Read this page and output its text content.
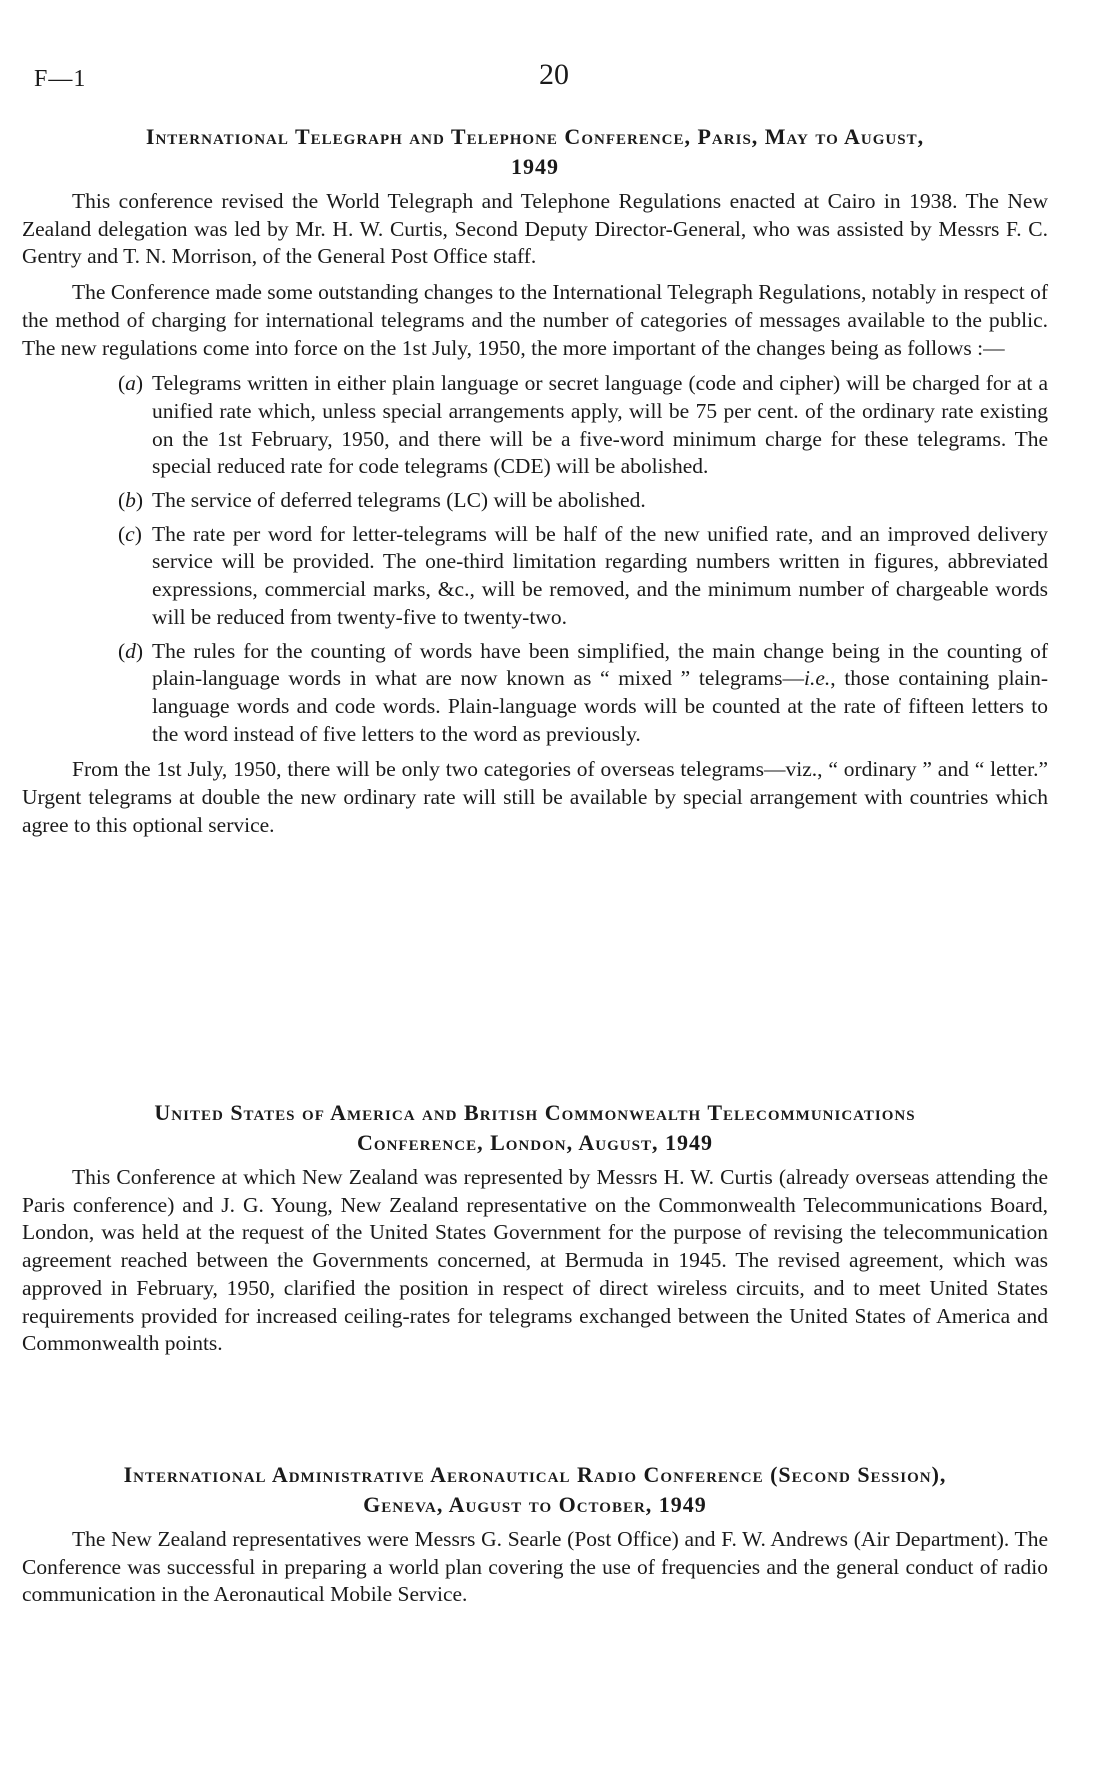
F—1	20
International Telegraph and Telephone Conference, Paris, May to August,
1949

This conference revised the World Telegraph and Telephone Regulations enacted at Cairo in 1938. The New Zealand delegation was led by Mr. H. W. Curtis, Second Deputy Director-General, who was assisted by Messrs F. C. Gentry and T. N. Morrison, of the General Post Office staff.

The Conference made some outstanding changes to the International Telegraph Regulations, notably in respect of the method of charging for international telegrams and the number of categories of messages available to the public. The new regulations come into force on the 1st July, 1950, the more important of the changes being as follows :—

(a) Telegrams written in either plain language or secret language (code and cipher) will be charged for at a unified rate which, unless special arrangements apply, will be 75 per cent. of the ordinary rate existing on the 1st February, 1950, and there will be a five-word minimum charge for these telegrams. The special reduced rate for code telegrams (CDE) will be abolished.
(b) The service of deferred telegrams (LC) will be abolished.
(c) The rate per word for letter-telegrams will be half of the new unified rate, and an improved delivery service will be provided. The one-third limitation regarding numbers written in figures, abbreviated expressions, commercial marks, &c., will be removed, and the minimum number of chargeable words will be reduced from twenty-five to twenty-two.
(d) The rules for the counting of words have been simplified, the main change being in the counting of plain-language words in what are now known as “ mixed ” telegrams—i.e., those containing plain-language words and code words. Plain-language words will be counted at the rate of fifteen letters to the word instead of five letters to the word as previously.

From the 1st July, 1950, there will be only two categories of overseas telegrams—viz., “ ordinary ” and “ letter.” Urgent telegrams at double the new ordinary rate will still be available by special arrangement with countries which agree to this optional service.

United States of America and British Commonwealth Telecommunications
Conference, London, August, 1949

This Conference at which New Zealand was represented by Messrs H. W. Curtis (already overseas attending the Paris conference) and J. G. Young, New Zealand representative on the Commonwealth Telecommunications Board, London, was held at the request of the United States Government for the purpose of revising the telecommunication agreement reached between the Governments concerned, at Bermuda in 1945. The revised agreement, which was approved in February, 1950, clarified the position in respect of direct wireless circuits, and to meet United States requirements provided for increased ceiling-rates for telegrams exchanged between the United States of America and Commonwealth points.

International Administrative Aeronautical Radio Conference (Second Session),
Geneva, August to October, 1949

The New Zealand representatives were Messrs G. Searle (Post Office) and F. W. Andrews (Air Department). The Conference was successful in preparing a world plan covering the use of frequencies and the general conduct of radio communication in the Aeronautical Mobile Service.
